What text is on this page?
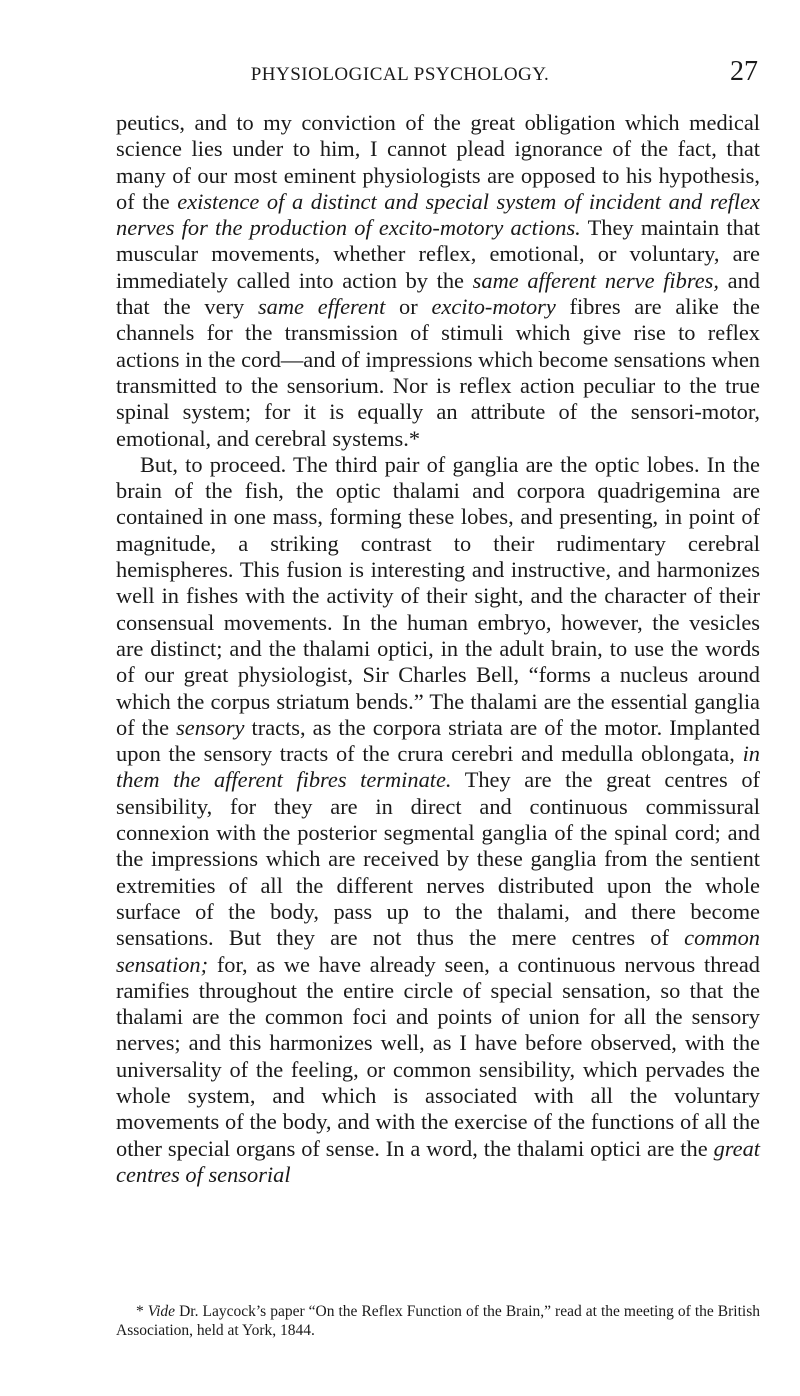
PHYSIOLOGICAL PSYCHOLOGY.	27

peutics, and to my conviction of the great obligation which medical science lies under to him, I cannot plead ignorance of the fact, that many of our most eminent physiologists are opposed to his hypothesis, of the existence of a distinct and special system of incident and reflex nerves for the production of excito-motory actions. They maintain that muscular movements, whether reflex, emotional, or voluntary, are immediately called into action by the same afferent nerve fibres, and that the very same efferent or excito-motory fibres are alike the channels for the transmission of stimuli which give rise to reflex actions in the cord—and of impressions which become sensations when transmitted to the sensorium. Nor is reflex action peculiar to the true spinal system; for it is equally an attribute of the sensori-motor, emotional, and cerebral systems.*

But, to proceed. The third pair of ganglia are the optic lobes. In the brain of the fish, the optic thalami and corpora quadrigemina are contained in one mass, forming these lobes, and presenting, in point of magnitude, a striking contrast to their rudimentary cerebral hemispheres. This fusion is interesting and instructive, and harmonizes well in fishes with the activity of their sight, and the character of their consensual movements. In the human embryo, however, the vesicles are distinct; and the thalami optici, in the adult brain, to use the words of our great physiologist, Sir Charles Bell, “forms a nucleus around which the corpus striatum bends.” The thalami are the essential ganglia of the sensory tracts, as the corpora striata are of the motor. Implanted upon the sensory tracts of the crura cerebri and medulla oblongata, in them the afferent fibres terminate. They are the great centres of sensibility, for they are in direct and continuous commissural connexion with the posterior segmental ganglia of the spinal cord; and the impressions which are received by these ganglia from the sentient extremities of all the different nerves distributed upon the whole surface of the body, pass up to the thalami, and there become sensations. But they are not thus the mere centres of common sensation; for, as we have already seen, a continuous nervous thread ramifies throughout the entire circle of special sensation, so that the thalami are the common foci and points of union for all the sensory nerves; and this harmonizes well, as I have before observed, with the universality of the feeling, or common sensibility, which pervades the whole system, and which is associated with all the voluntary movements of the body, and with the exercise of the functions of all the other special organs of sense. In a word, the thalami optici are the great centres of sensorial

* Vide Dr. Laycock’s paper “On the Reflex Function of the Brain,” read at the meeting of the British Association, held at York, 1844.
